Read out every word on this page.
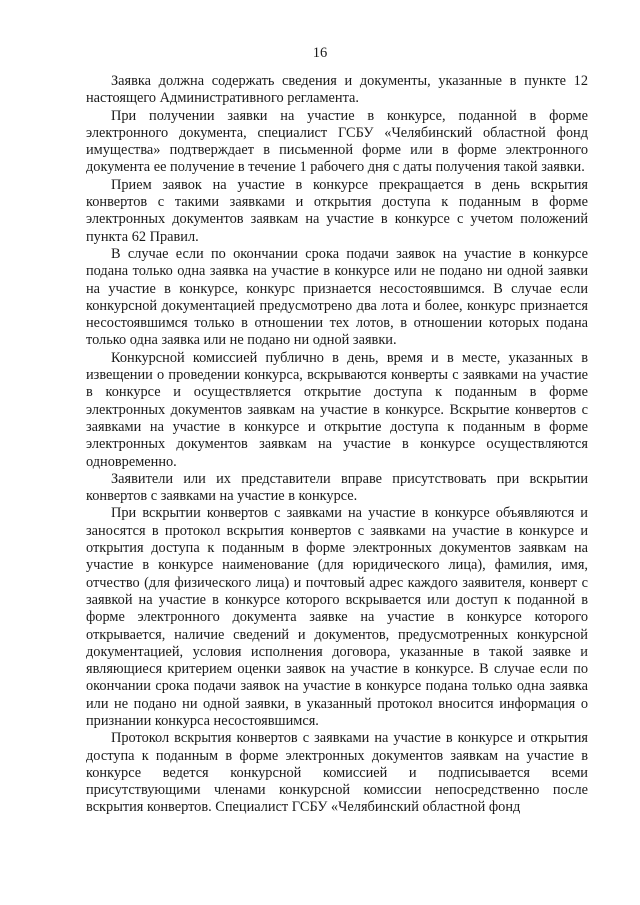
16

Заявка должна содержать сведения и документы, указанные в пункте 12 настоящего Административного регламента.

При получении заявки на участие в конкурсе, поданной в форме электронного документа, специалист ГСБУ «Челябинский областной фонд имущества» подтверждает в письменной форме или в форме электронного документа ее получение в течение 1 рабочего дня с даты получения такой заявки.

Прием заявок на участие в конкурсе прекращается в день вскрытия конвертов с такими заявками и открытия доступа к поданным в форме электронных документов заявкам на участие в конкурсе с учетом положений пункта 62 Правил.

В случае если по окончании срока подачи заявок на участие в конкурсе подана только одна заявка на участие в конкурсе или не подано ни одной заявки на участие в конкурсе, конкурс признается несостоявшимся. В случае если конкурсной документацией предусмотрено два лота и более, конкурс признается несостоявшимся только в отношении тех лотов, в отношении которых подана только одна заявка или не подано ни одной заявки.

Конкурсной комиссией публично в день, время и в месте, указанных в извещении о проведении конкурса, вскрываются конверты с заявками на участие в конкурсе и осуществляется открытие доступа к поданным в форме электронных документов заявкам на участие в конкурсе. Вскрытие конвертов с заявками на участие в конкурсе и открытие доступа к поданным в форме электронных документов заявкам на участие в конкурсе осуществляются одновременно.

Заявители или их представители вправе присутствовать при вскрытии конвертов с заявками на участие в конкурсе.

При вскрытии конвертов с заявками на участие в конкурсе объявляются и заносятся в протокол вскрытия конвертов с заявками на участие в конкурсе и открытия доступа к поданным в форме электронных документов заявкам на участие в конкурсе наименование (для юридического лица), фамилия, имя, отчество (для физического лица) и почтовый адрес каждого заявителя, конверт с заявкой на участие в конкурсе которого вскрывается или доступ к поданной в форме электронного документа заявке на участие в конкурсе которого открывается, наличие сведений и документов, предусмотренных конкурсной документацией, условия исполнения договора, указанные в такой заявке и являющиеся критерием оценки заявок на участие в конкурсе. В случае если по окончании срока подачи заявок на участие в конкурсе подана только одна заявка или не подано ни одной заявки, в указанный протокол вносится информация о признании конкурса несостоявшимся.

Протокол вскрытия конвертов с заявками на участие в конкурсе и открытия доступа к поданным в форме электронных документов заявкам на участие в конкурсе ведется конкурсной комиссией и подписывается всеми присутствующими членами конкурсной комиссии непосредственно после вскрытия конвертов. Специалист ГСБУ «Челябинский областной фонд
